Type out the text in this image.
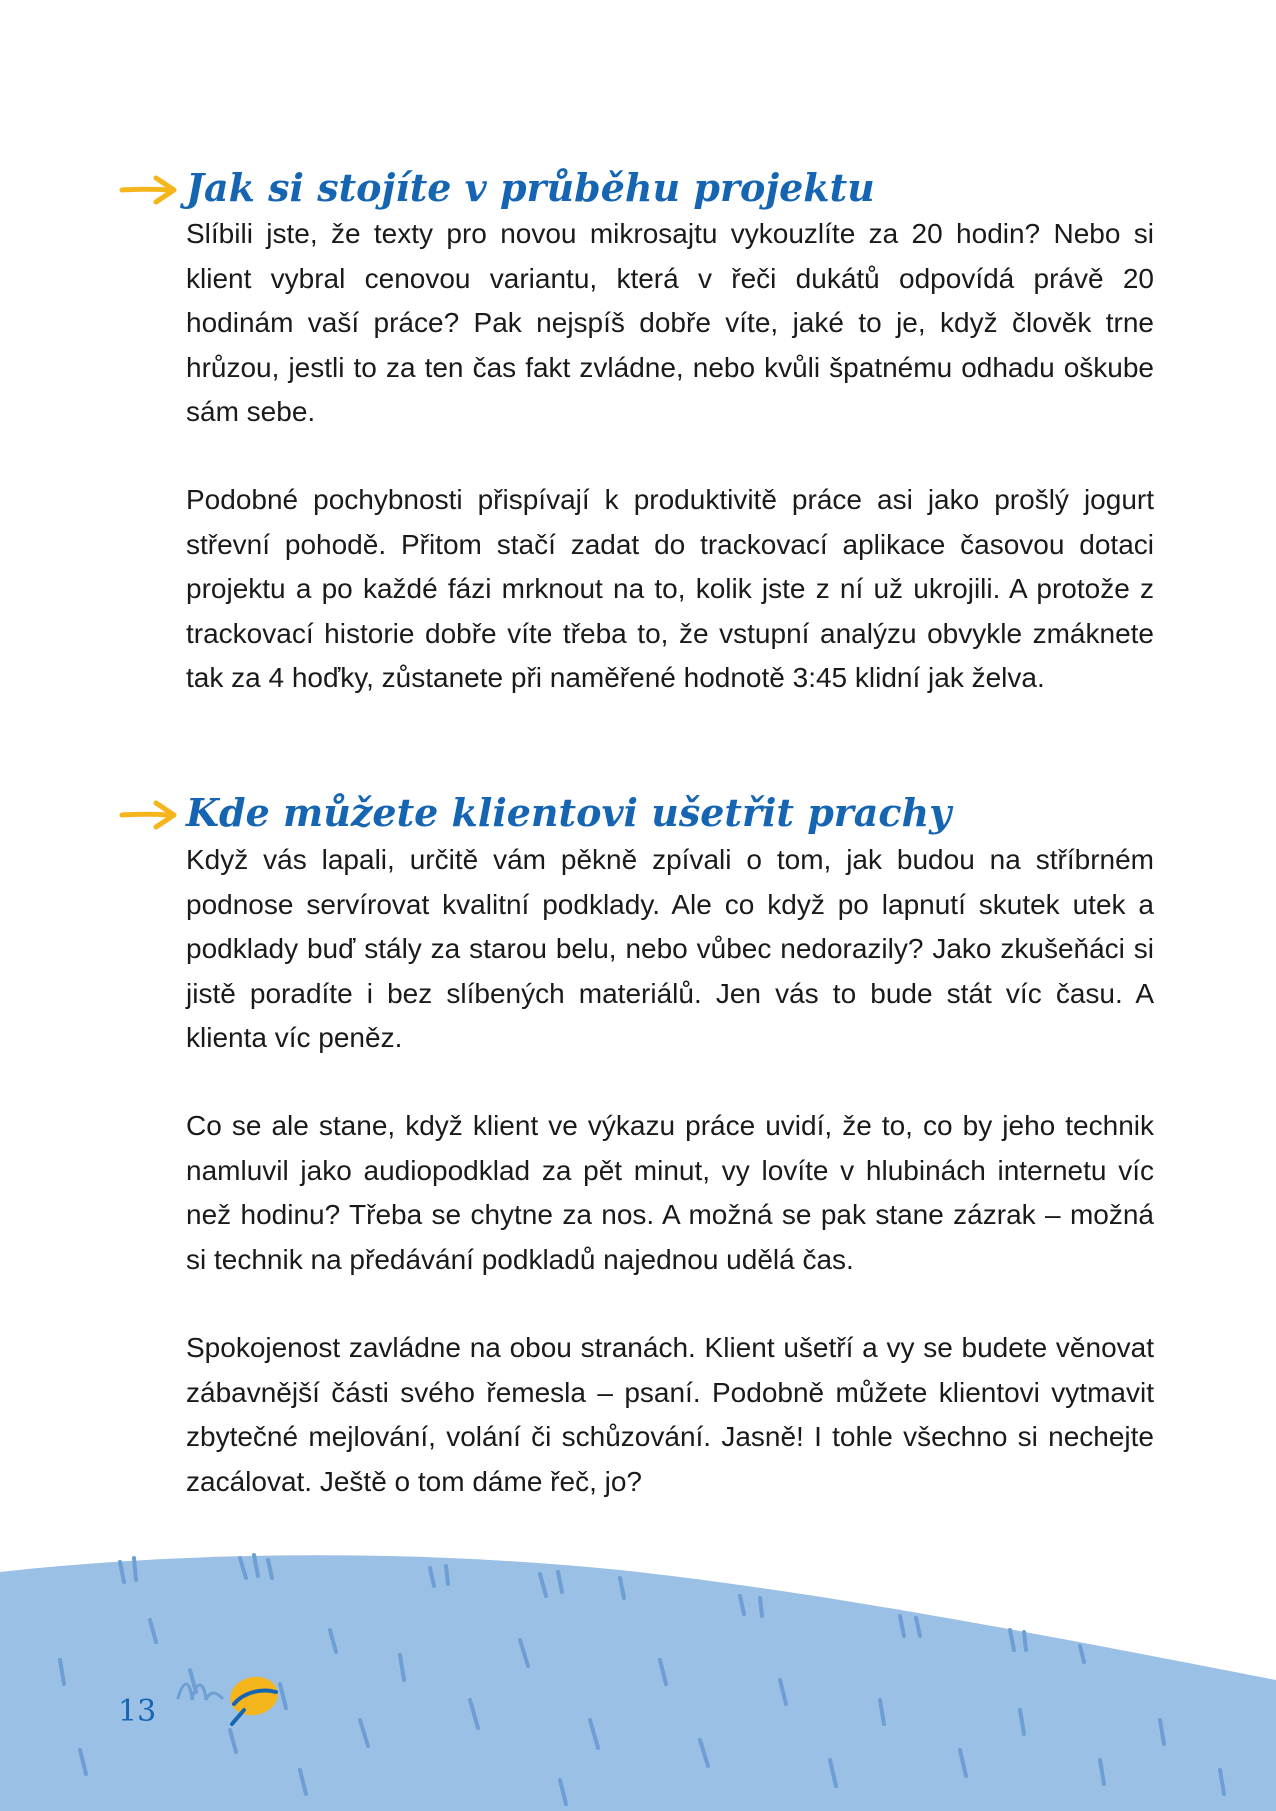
Jak si stojíte v průběhu projektu

Slíbili jste, že texty pro novou mikrosajtu vykouzlíte za 20 hodin? Nebo si klient vybral cenovou variantu, která v řeči dukátů odpovídá právě 20 hodinám vaší práce? Pak nejspíš dobře víte, jaké to je, když člověk trne hrůzou, jestli to za ten čas fakt zvládne, nebo kvůli špatnému odhadu oškube sám sebe.

Podobné pochybnosti přispívají k produktivitě práce asi jako prošlý jogurt střevní pohodě. Přitom stačí zadat do trackovací aplikace časovou dotaci projektu a po každé fázi mrknout na to, kolik jste z ní už ukrojili. A protože z trackovací historie dobře víte třeba to, že vstupní analýzu obvykle zmáknete tak za 4 hoďky, zůstanete při naměřené hodnotě 3:45 klidní jak želva.

Kde můžete klientovi ušetřit prachy

Když vás lapali, určitě vám pěkně zpívali o tom, jak budou na stříbrném podnose servírovat kvalitní podklady. Ale co když po lapnutí skutek utek a podklady buď stály za starou belu, nebo vůbec nedorazily? Jako zkušeňáci si jistě poradíte i bez slíbených materiálů. Jen vás to bude stát víc času. A klienta víc peněz.

Co se ale stane, když klient ve výkazu práce uvidí, že to, co by jeho technik namluvil jako audiopodklad za pět minut, vy lovíte v hlubinách internetu víc než hodinu? Třeba se chytne za nos. A možná se pak stane zázrak – možná si technik na předávání podkladů najednou udělá čas.

Spokojenost zavládne na obou stranách. Klient ušetří a vy se budete věnovat zábavnější části svého řemesla – psaní. Podobně můžete klientovi vytmavit zbytečné mejlování, volání či schůzování. Jasně! I tohle všechno si nechejte zacálovat. Ještě o tom dáme řeč, jo?

13
